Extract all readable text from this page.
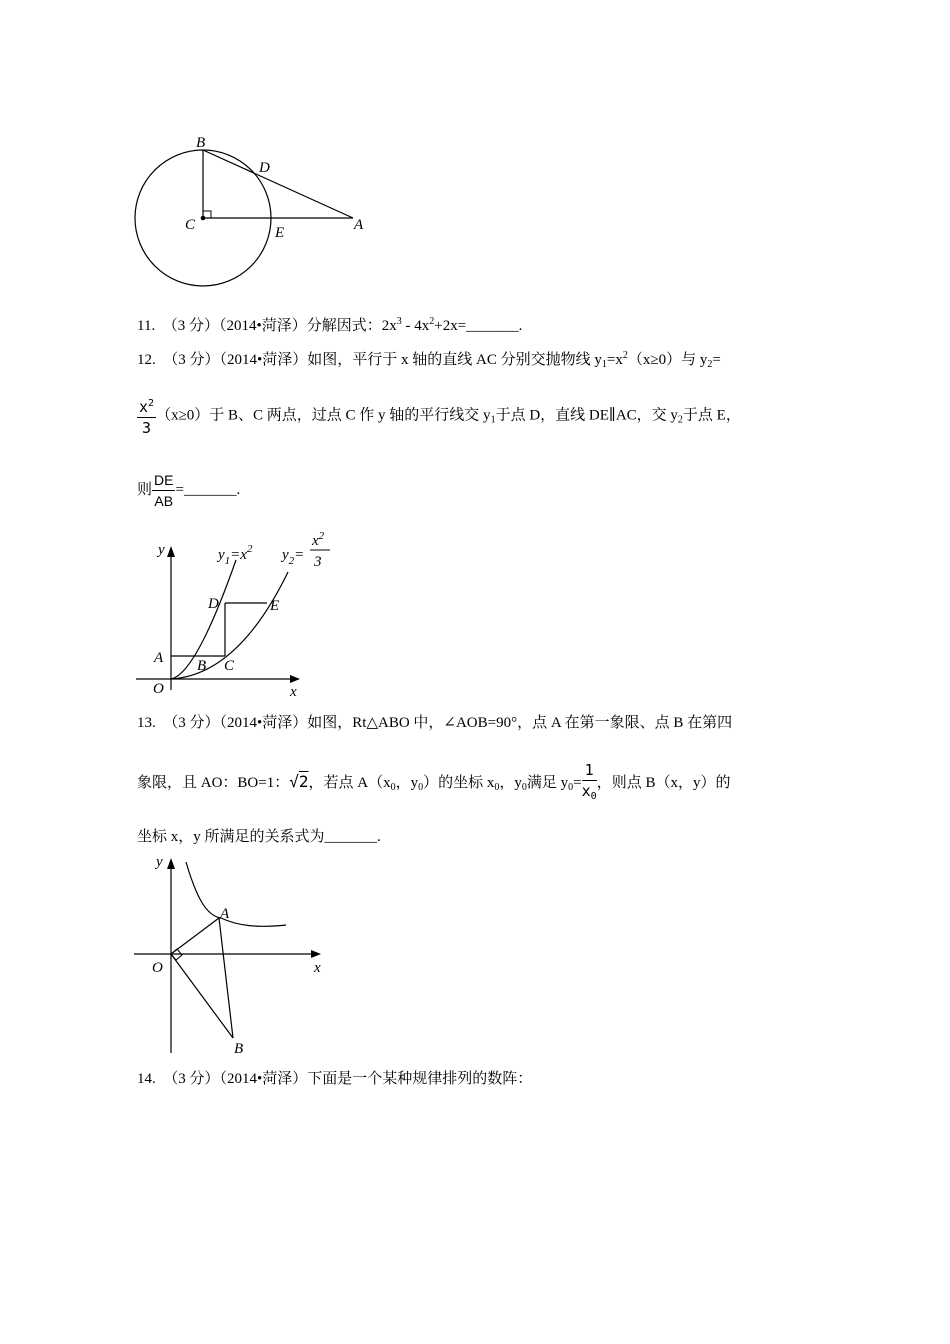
B
D
C	E	A
11. （3 分）（2014•菏泽）分解因式：$2x^3$ - $4x^2+2x=\_\_\_\_\_\_\_$.
12. （3 分）（2014•菏泽）如图，平行于 x 轴的直线 AC 分别交抛物线 $y_1=x^2(x\ge 0)$与 $y_2=$
$\frac{x^2}{3} (x\ge 0)$于 B、C 两点，过点 C 作 y 轴的平行线交 $y_1$于点 D，直线 DE∥AC，交 $y_2$于点 E，
则 $\frac{DE}{AB}$ =_______.
y
x
O
A B C
D	E
$y_1=x^2$ $y_2=$
$x^2$
3
13. （3 分）（2014•菏泽）如图，Rt△ABO 中，∠AOB=90°，点 A 在第一象限、点 B 在第四
象限，且 AO：BO=1：√2，若点 $A(x_0$，$y_0$）的坐标 $x_0$，$y_0$满足 $y_0= \frac{1}{x_0}$ ，则点 B（x，y）的
坐标 x，y 所满足的关系式为_______.
y
x
O
A
B
14. （3 分）（2014•菏泽）下面是一个某种规律排列的数阵：
